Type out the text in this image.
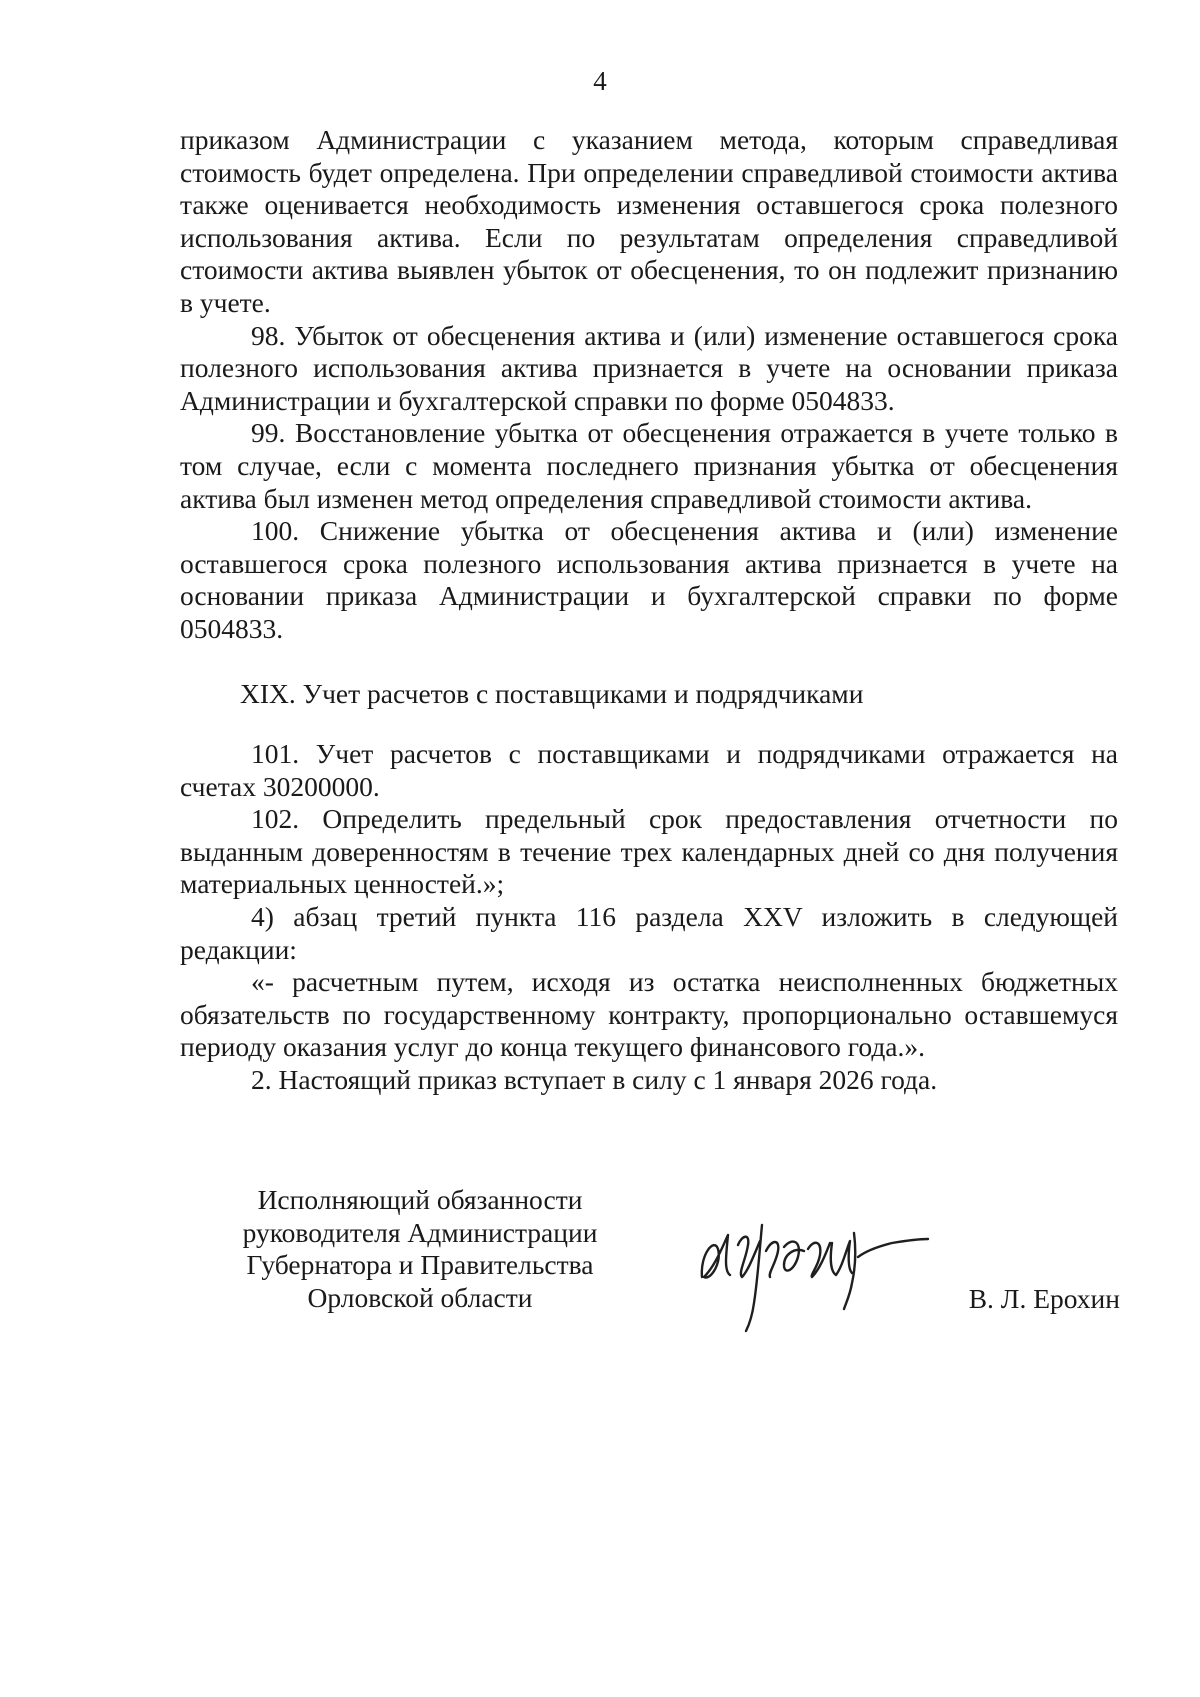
4

приказом Администрации с указанием метода, которым справедливая стоимость будет определена. При определении справедливой стоимости актива также оценивается необходимость изменения оставшегося срока полезного использования актива. Если по результатам определения справедливой стоимости актива выявлен убыток от обесценения, то он подлежит признанию в учете.

98. Убыток от обесценения актива и (или) изменение оставшегося срока полезного использования актива признается в учете на основании приказа Администрации и бухгалтерской справки по форме 0504833.

99. Восстановление убытка от обесценения отражается в учете только в том случае, если с момента последнего признания убытка от обесценения актива был изменен метод определения справедливой стоимости актива.

100. Снижение убытка от обесценения актива и (или) изменение оставшегося срока полезного использования актива признается в учете на основании приказа Администрации и бухгалтерской справки по форме 0504833.

XIX. Учет расчетов с поставщиками и подрядчиками

101. Учет расчетов с поставщиками и подрядчиками отражается на счетах 30200000.

102. Определить предельный срок предоставления отчетности по выданным доверенностям в течение трех календарных дней со дня получения материальных ценностей.»;

4) абзац третий пункта 116 раздела XXV изложить в следующей редакции:

«- расчетным путем, исходя из остатка неисполненных бюджетных обязательств по государственному контракту, пропорционально оставшемуся периоду оказания услуг до конца текущего финансового года.».

2. Настоящий приказ вступает в силу с 1 января 2026 года.

Исполняющий обязанности
руководителя Администрации
Губернатора и Правительства
Орловской области	В. Л. Ерохин
